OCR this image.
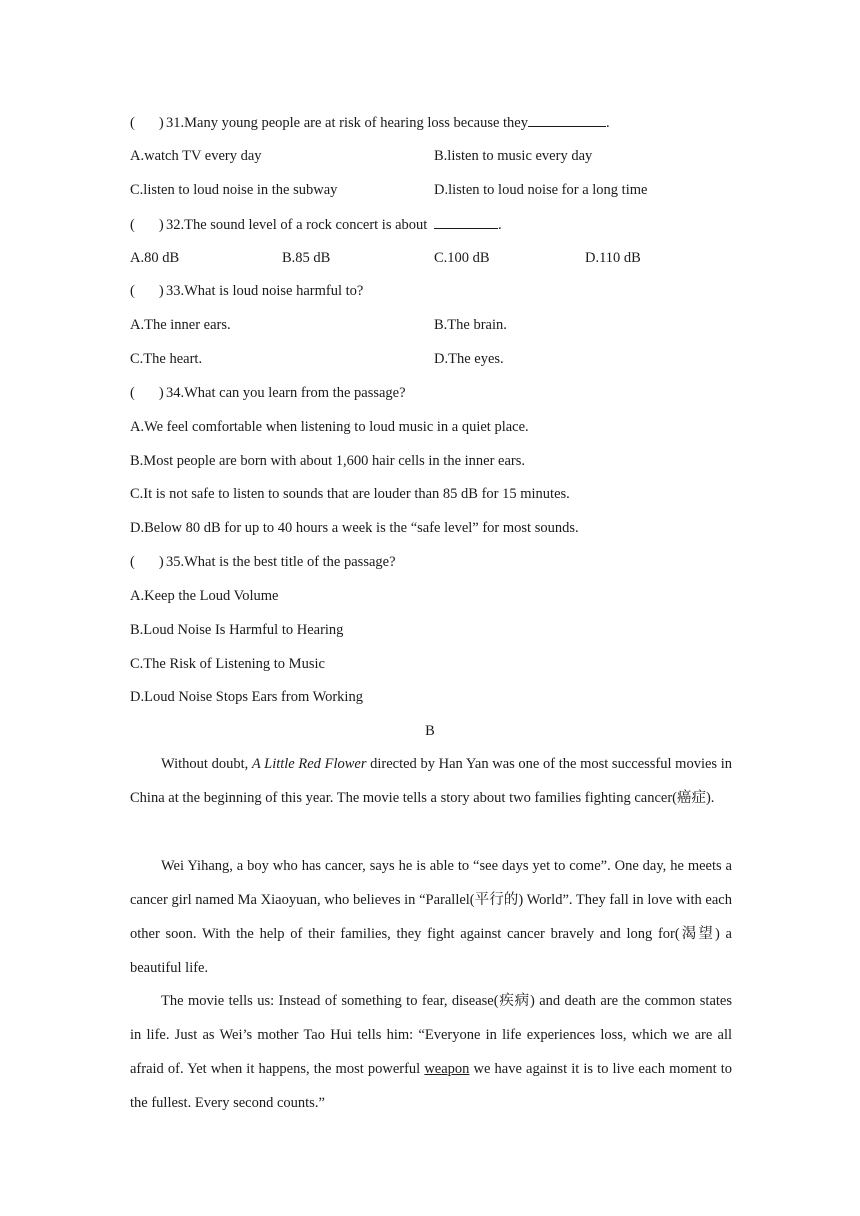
( ) 31.Many young people are at risk of hearing loss because they	.
A.watch TV every day	B.listen to music every day
C.listen to loud noise in the subway	D.listen to loud noise for a long time
( ) 32.The sound level of a rock concert is about	.
A.80 dB	B.85 dB	C.100 dB	D.110 dB
( ) 33.What is loud noise harmful to?
A.The inner ears.	B.The brain.
C.The heart.	D.The eyes.
( ) 34.What can you learn from the passage?
A.We feel comfortable when listening to loud music in a quiet place.
B.Most people are born with about 1,600 hair cells in the inner ears.
C.It is not safe to listen to sounds that are louder than 85 dB for 15 minutes.
D.Below 80 dB for up to 40 hours a week is the “safe level” for most sounds.
( ) 35.What is the best title of the passage?
A.Keep the Loud Volume
B.Loud Noise Is Harmful to Hearing
C.The Risk of Listening to Music
D.Loud Noise Stops Ears from Working
B
Without doubt, A Little Red Flower directed by Han Yan was one of the most successful movies in China at the beginning of this year. The movie tells a story about two families fighting cancer(癌症).
Wei Yihang, a boy who has cancer, says he is able to “see days yet to come”. One day, he meets a cancer girl named Ma Xiaoyuan, who believes in “Parallel(平行的) World”. They fall in love with each other soon. With the help of their families, they fight against cancer bravely and long for(渴望) a beautiful life.
The movie tells us: Instead of something to fear, disease(疾病) and death are the common states in life. Just as Wei’s mother Tao Hui tells him: “Everyone in life experiences loss, which we are all afraid of. Yet when it happens, the most powerful weapon we have against it is to live each moment to the fullest. Every second counts.”
